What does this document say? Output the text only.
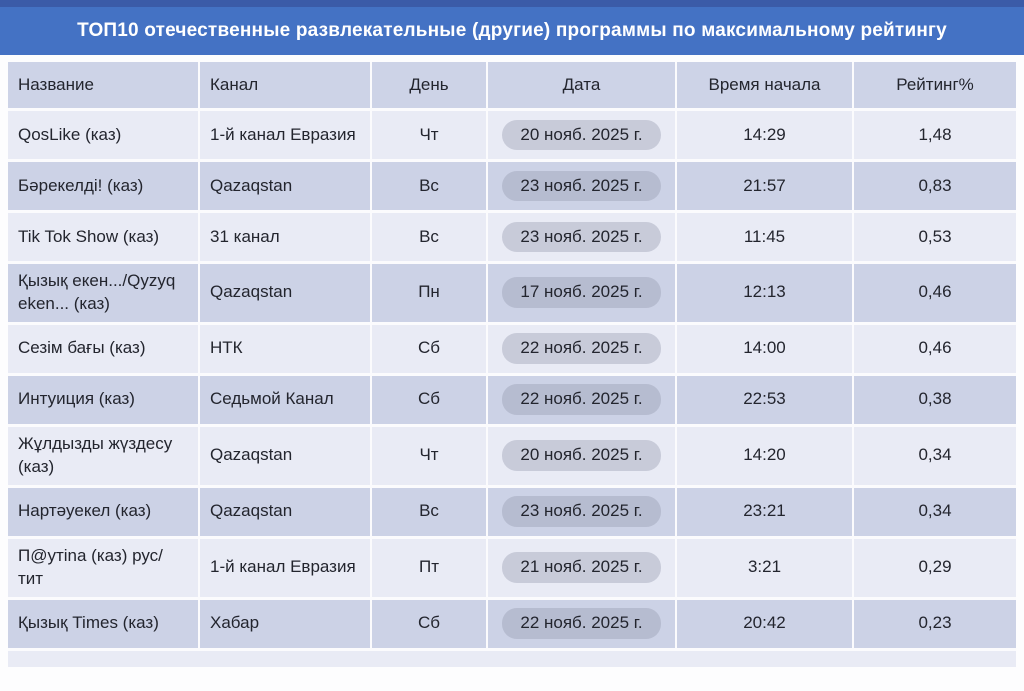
ТОП10 отечественные развлекательные (другие) программы по максимальному рейтингу
Название	Канал	День	Дата	Время начала	Рейтинг%
QosLike (каз)	1-й канал Евразия	Чт	20 нояб. 2025 г.	14:29	1,48
Бәрекелді! (каз)	Qazaqstan	Вс	23 нояб. 2025 г.	21:57	0,83
Tik Tok Show (каз)	31 канал	Вс	23 нояб. 2025 г.	11:45	0,53
Қызық екен.../Qyzyq eken... (каз)	Qazaqstan	Пн	17 нояб. 2025 г.	12:13	0,46
Сезім бағы (каз)	НТК	Сб	22 нояб. 2025 г.	14:00	0,46
Интуиция (каз)	Седьмой Канал	Сб	22 нояб. 2025 г.	22:53	0,38
Жұлдызды жүздесу (каз)	Qazaqstan	Чт	20 нояб. 2025 г.	14:20	0,34
Нартәуекел (каз)	Qazaqstan	Вс	23 нояб. 2025 г.	23:21	0,34
П@утina (каз) рус/тит	1-й канал Евразия	Пт	21 нояб. 2025 г.	3:21	0,29
Қызық Times (каз)	Хабар	Сб	22 нояб. 2025 г.	20:42	0,23
